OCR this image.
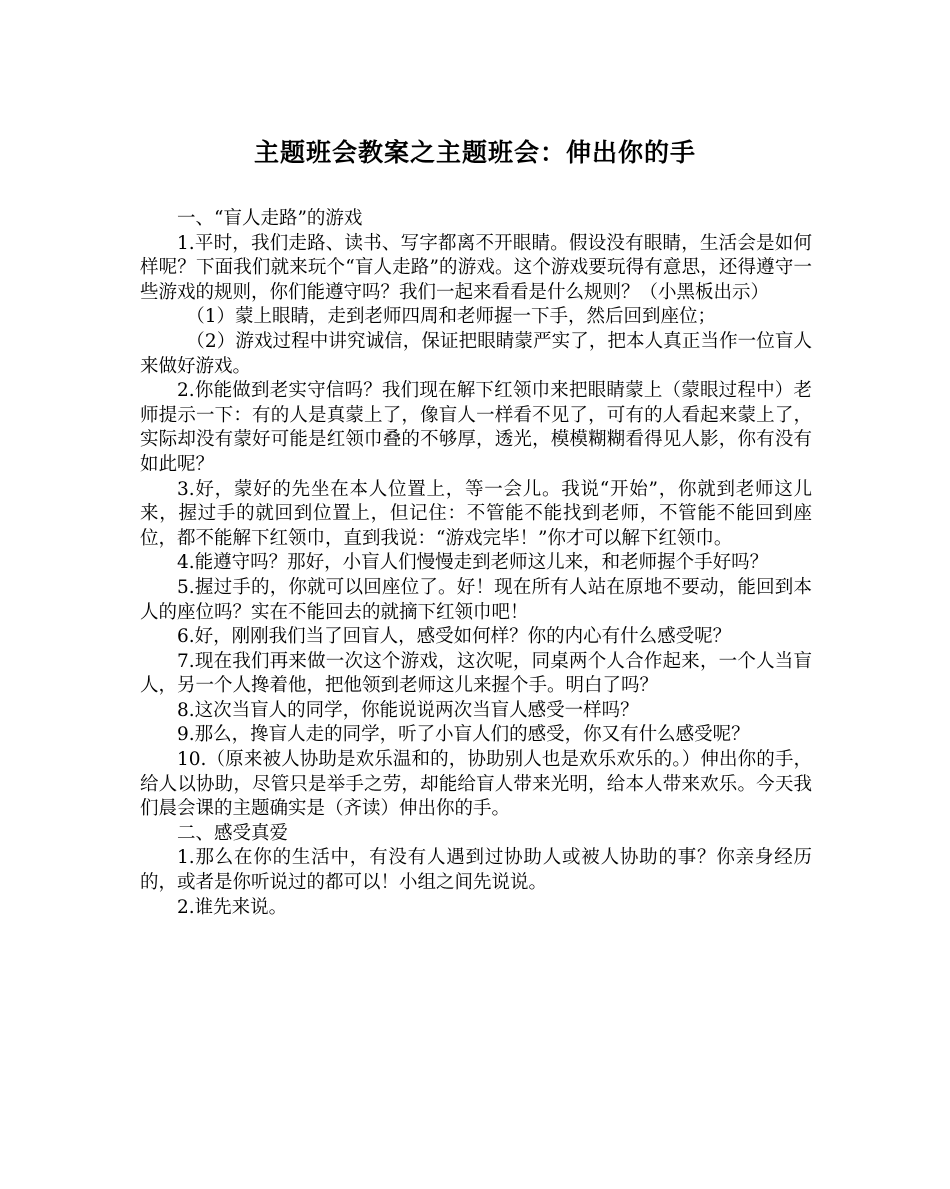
主题班会教案之主题班会：伸出你的手

一、“盲人走路”的游戏

1.平时，我们走路、读书、写字都离不开眼睛。假设没有眼睛，生活会是如何样呢？下面我们就来玩个“盲人走路”的游戏。这个游戏要玩得有意思，还得遵守一些游戏的规则，你们能遵守吗？我们一起来看看是什么规则？（小黑板出示）

（1）蒙上眼睛，走到老师四周和老师握一下手，然后回到座位；

（2）游戏过程中讲究诚信，保证把眼睛蒙严实了，把本人真正当作一位盲人来做好游戏。

2.你能做到老实守信吗？我们现在解下红领巾来把眼睛蒙上（蒙眼过程中）老师提示一下：有的人是真蒙上了，像盲人一样看不见了，可有的人看起来蒙上了，实际却没有蒙好可能是红领巾叠的不够厚，透光，模模糊糊看得见人影，你有没有如此呢？

3.好，蒙好的先坐在本人位置上，等一会儿。我说“开始”，你就到老师这儿来，握过手的就回到位置上，但记住：不管能不能找到老师，不管能不能回到座位，都不能解下红领巾，直到我说：“游戏完毕！”你才可以解下红领巾。

4.能遵守吗？那好，小盲人们慢慢走到老师这儿来，和老师握个手好吗？

5.握过手的，你就可以回座位了。好！现在所有人站在原地不要动，能回到本人的座位吗？实在不能回去的就摘下红领巾吧！

6.好，刚刚我们当了回盲人，感受如何样？你的内心有什么感受呢？

7.现在我们再来做一次这个游戏，这次呢，同桌两个人合作起来，一个人当盲人，另一个人搀着他，把他领到老师这儿来握个手。明白了吗？

8.这次当盲人的同学，你能说说两次当盲人感受一样吗？

9.那么，搀盲人走的同学，听了小盲人们的感受，你又有什么感受呢？

10.（原来被人协助是欢乐温和的，协助别人也是欢乐欢乐的。）伸出你的手，给人以协助，尽管只是举手之劳，却能给盲人带来光明，给本人带来欢乐。今天我们晨会课的主题确实是（齐读）伸出你的手。

二、感受真爱

1.那么在你的生活中，有没有人遇到过协助人或被人协助的事？你亲身经历的，或者是你听说过的都可以！小组之间先说说。

2.谁先来说。
